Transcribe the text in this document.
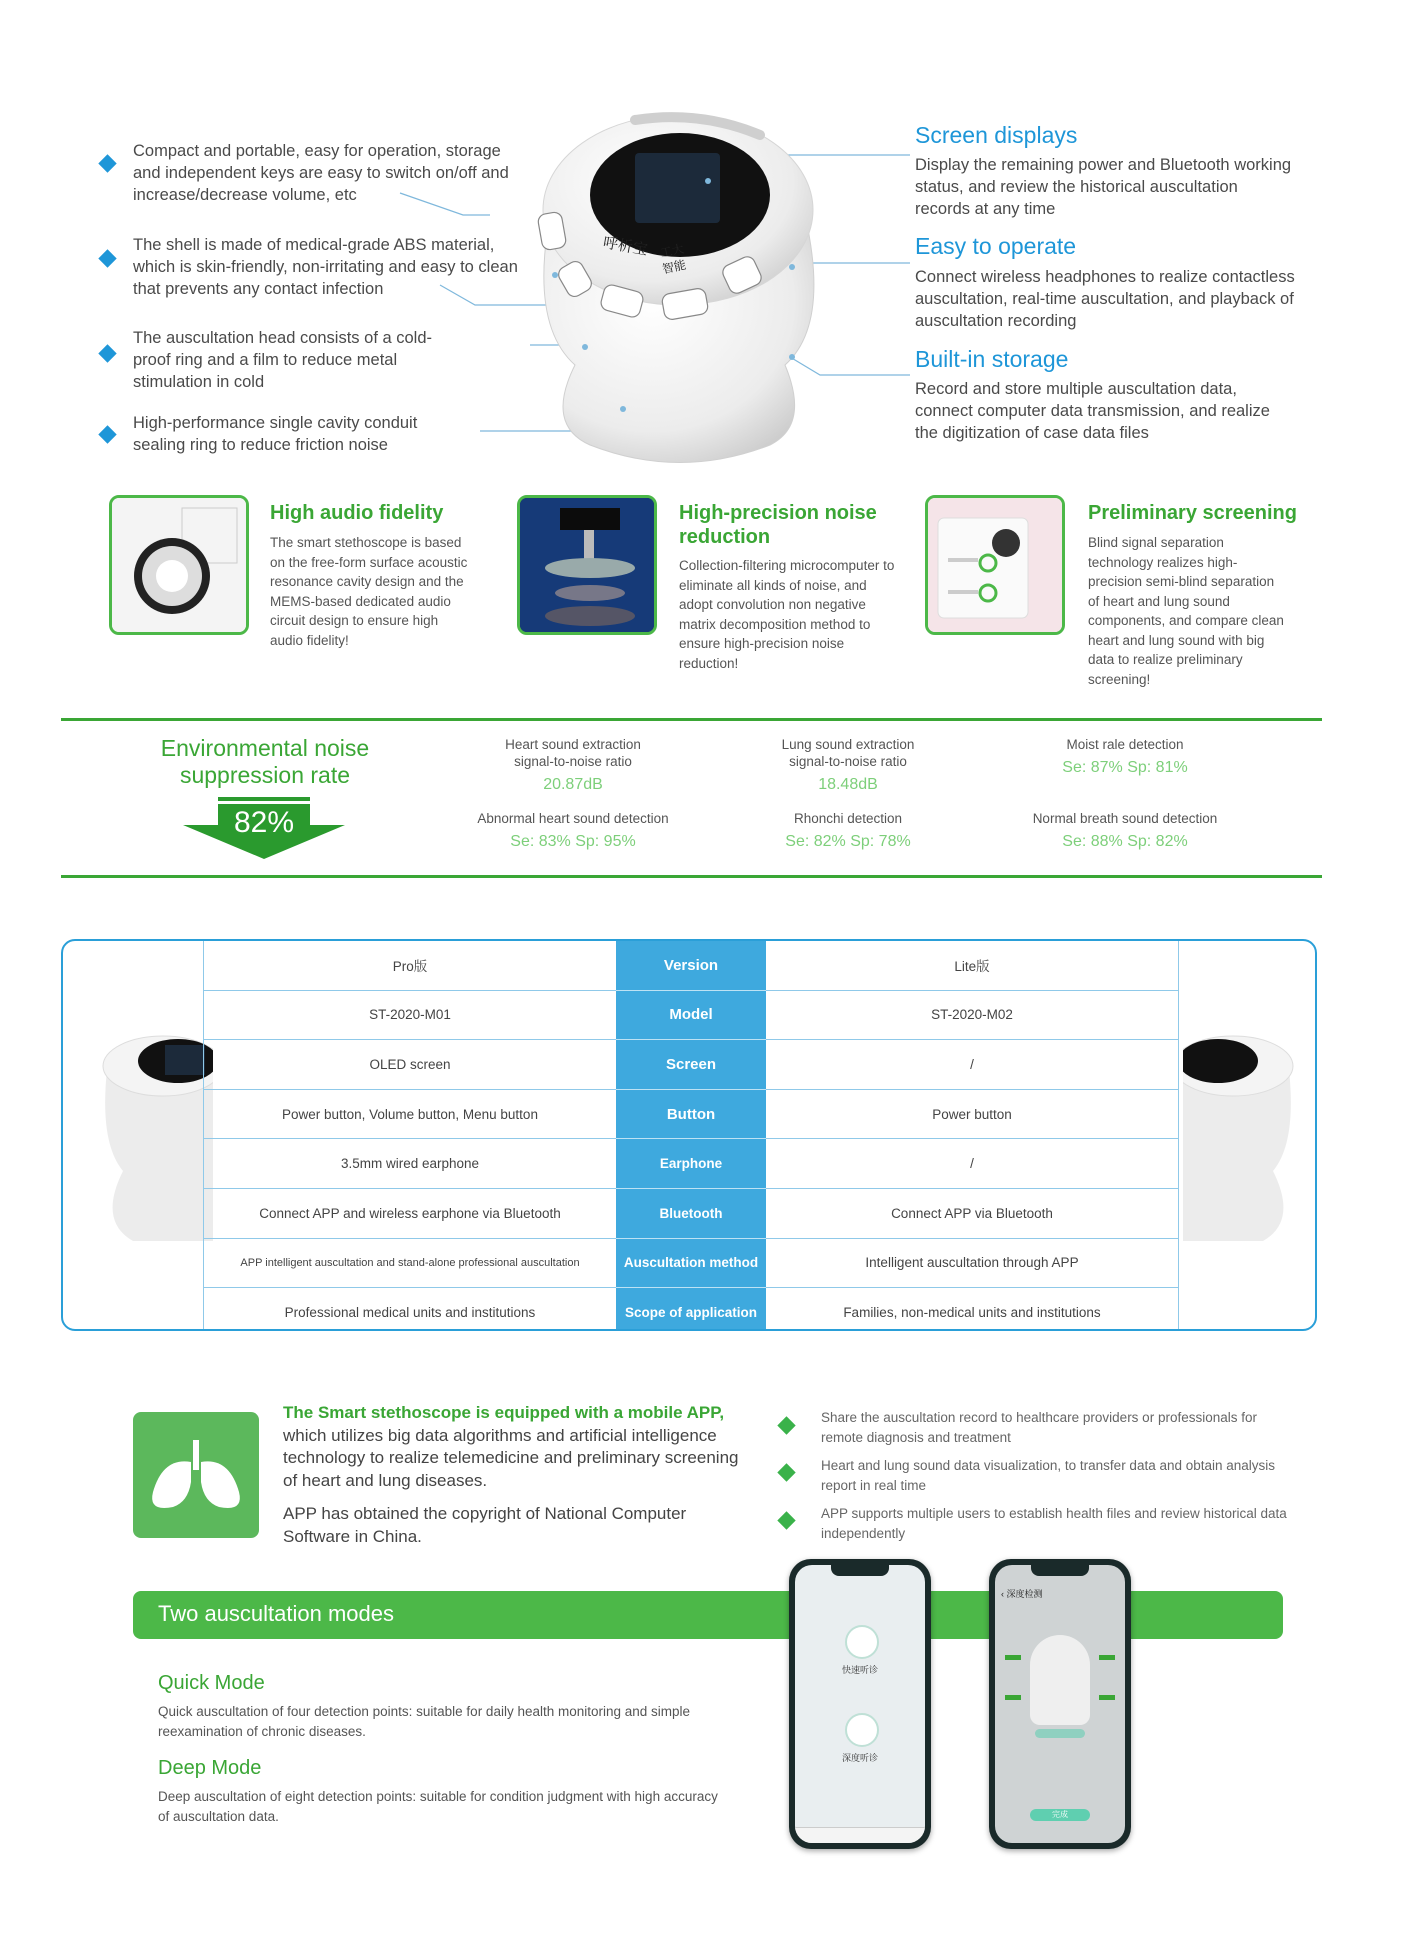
Compact and portable, easy for operation, storage and independent keys are easy to switch on/off and increase/decrease volume, etc
The shell is made of medical-grade ABS material, which is skin-friendly, non-irritating and easy to clean that prevents any contact infection
The auscultation head consists of a cold-proof ring and a film to reduce metal stimulation in cold
High-performance single cavity conduit sealing ring to reduce friction noise
呼析宝 工大
智能
Screen displays
Display the remaining power and Bluetooth working status, and review the historical auscultation records at any time
Easy to operate
Connect wireless headphones to realize contactless auscultation, real-time auscultation, and playback of auscultation recording
Built-in storage
Record and store multiple auscultation data, connect computer data transmission, and realize the digitization of case data files
High audio fidelity
The smart stethoscope is based on the free-form surface acoustic resonance cavity design and the MEMS-based dedicated audio circuit design to ensure high audio fidelity!
High-precision noise reduction
Collection-filtering microcomputer to eliminate all kinds of noise, and adopt convolution non negative matrix decomposition method to ensure high-precision noise reduction!
Preliminary screening
Blind signal separation technology realizes high-precision semi-blind separation of heart and lung sound components, and compare clean heart and lung sound with big data to realize preliminary screening!
Environmental noise
suppression rate
82%
Heart sound extraction
signal-to-noise ratio
20.87dB
Lung sound extraction
signal-to-noise ratio
18.48dB
Moist rale detection
Se: 87% Sp: 81%
Abnormal heart sound detection
Se: 83% Sp: 95%
Rhonchi detection
Se: 82% Sp: 78%
Normal breath sound detection
Se: 88% Sp: 82%
Pro版	Version	Lite版
ST-2020-M01	Model	ST-2020-M02
OLED screen	Screen	/
Power button, Volume button, Menu button	Button	Power button
3.5mm wired earphone	Earphone	/
Connect APP and wireless earphone via Bluetooth	Bluetooth	Connect APP via Bluetooth
APP intelligent auscultation and stand-alone professional auscultation	Auscultation method	Intelligent auscultation through APP
Professional medical units and institutions	Scope of application	Families, non-medical units and institutions
The Smart stethoscope is equipped with a mobile APP, which utilizes big data algorithms and artificial intelligence technology to realize telemedicine and preliminary screening of heart and lung diseases.
APP has obtained the copyright of National Computer Software in China.
Share the auscultation record to healthcare providers or professionals for remote diagnosis and treatment
Heart and lung sound data visualization, to transfer data and obtain analysis report in real time
APP supports multiple users to establish health files and review historical data independently
Two auscultation modes
Quick Mode
Quick auscultation of four detection points: suitable for daily health monitoring and simple reexamination of chronic diseases.
Deep Mode
Deep auscultation of eight detection points: suitable for condition judgment with high accuracy of auscultation data.
快速听诊
深度听诊
‹ 深度检测
完成
